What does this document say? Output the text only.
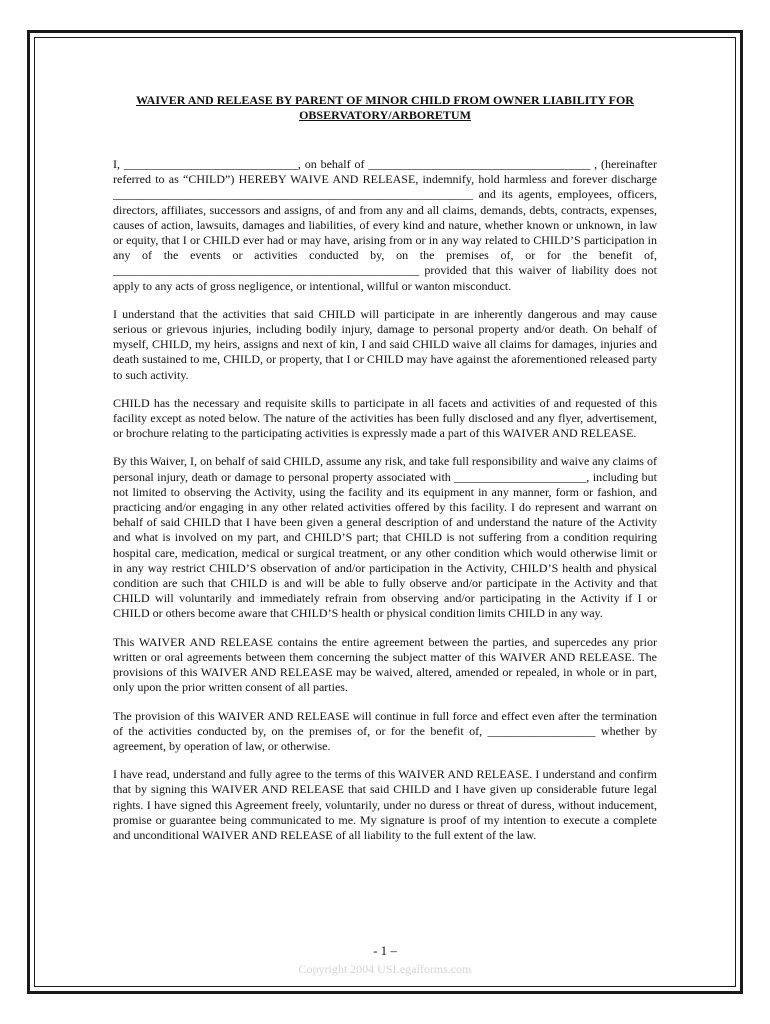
WAIVER AND RELEASE BY PARENT OF MINOR CHILD FROM OWNER LIABILITY FOR
OBSERVATORY/ARBORETUM

I, _____________________________, on behalf of _____________________________________ , (hereinafter referred to as “CHILD”) HEREBY WAIVE AND RELEASE, indemnify, hold harmless and forever discharge ____________________________________________________________ and its agents, employees, officers, directors, affiliates, successors and assigns, of and from any and all claims, demands, debts, contracts, expenses, causes of action, lawsuits, damages and liabilities, of every kind and nature, whether known or unknown, in law or equity, that I or CHILD ever had or may have, arising from or in any way related to CHILD’S participation in any of the events or activities conducted by, on the premises of, or for the benefit of, ___________________________________________________ provided that this waiver of liability does not apply to any acts of gross negligence, or intentional, willful or wanton misconduct.

I understand that the activities that said CHILD will participate in are inherently dangerous and may cause serious or grievous injuries, including bodily injury, damage to personal property and/or death. On behalf of myself, CHILD, my heirs, assigns and next of kin, I and said CHILD waive all claims for damages, injuries and death sustained to me, CHILD, or property, that I or CHILD may have against the aforementioned released party to such activity.

CHILD has the necessary and requisite skills to participate in all facets and activities of and requested of this facility except as noted below. The nature of the activities has been fully disclosed and any flyer, advertisement, or brochure relating to the participating activities is expressly made a part of this WAIVER AND RELEASE.

By this Waiver, I, on behalf of said CHILD, assume any risk, and take full responsibility and waive any claims of personal injury, death or damage to personal property associated with ______________________, including but not limited to observing the Activity, using the facility and its equipment in any manner, form or fashion, and practicing and/or engaging in any other related activities offered by this facility. I do represent and warrant on behalf of said CHILD that I have been given a general description of and understand the nature of the Activity and what is involved on my part, and CHILD’S part; that CHILD is not suffering from a condition requiring hospital care, medication, medical or surgical treatment, or any other condition which would otherwise limit or in any way restrict CHILD’S observation of and/or participation in the Activity, CHILD’S health and physical condition are such that CHILD is and will be able to fully observe and/or participate in the Activity and that CHILD will voluntarily and immediately refrain from observing and/or participating in the Activity if I or CHILD or others become aware that CHILD’S health or physical condition limits CHILD in any way.

This WAIVER AND RELEASE contains the entire agreement between the parties, and supercedes any prior written or oral agreements between them concerning the subject matter of this WAIVER AND RELEASE. The provisions of this WAIVER AND RELEASE may be waived, altered, amended or repealed, in whole or in part, only upon the prior written consent of all parties.

The provision of this WAIVER AND RELEASE will continue in full force and effect even after the termination of the activities conducted by, on the premises of, or for the benefit of, __________________ whether by agreement, by operation of law, or otherwise.

I have read, understand and fully agree to the terms of this WAIVER AND RELEASE. I understand and confirm that by signing this WAIVER AND RELEASE that said CHILD and I have given up considerable future legal rights. I have signed this Agreement freely, voluntarily, under no duress or threat of duress, without inducement, promise or guarantee being communicated to me. My signature is proof of my intention to execute a complete and unconditional WAIVER AND RELEASE of all liability to the full extent of the law.

- 1 –
Copyright 2004 USLegalforms.com
